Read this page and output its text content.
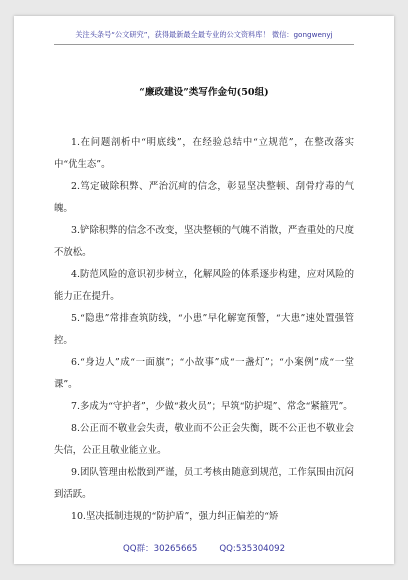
关注头条号“公文研究”，获得最新最全最专业的公文资料库！ 微信：gongwenyj
“廉政建设”类写作金句(50组)

1.在问题剖析中“明底线”，在经验总结中“立规范”，在整改落实中“优生态”。

2.笃定破除积弊、严治沉疴的信念，彰显坚决整顿、刮骨疗毒的气魄。

3.铲除积弊的信念不改变，坚决整顿的气魄不消散，严查重处的尺度不放松。

4.防范风险的意识初步树立，化解风险的体系逐步构建，应对风险的能力正在提升。

5.“隐患”常排查筑防线，“小患”早化解宽预警，“大患”速处置强管控。

6.“身边人”成“一面旗”；“小故事”成“一盏灯”；“小案例”成“一堂课”。

7.多成为“守护者”，少做“救火员”；早筑“防护堤”、常念“紧箍咒”。

8.公正而不敬业会失责，敬业而不公正会失衡，既不公正也不敬业会失信，公正且敬业能立业。

9.团队管理由松散到严谨，员工考核由随意到规范，工作氛围由沉闷到活跃。

10.坚决抵制违规的“防护盾”，强力纠正偏差的“矫

QQ群：30265665	QQ:535304092
